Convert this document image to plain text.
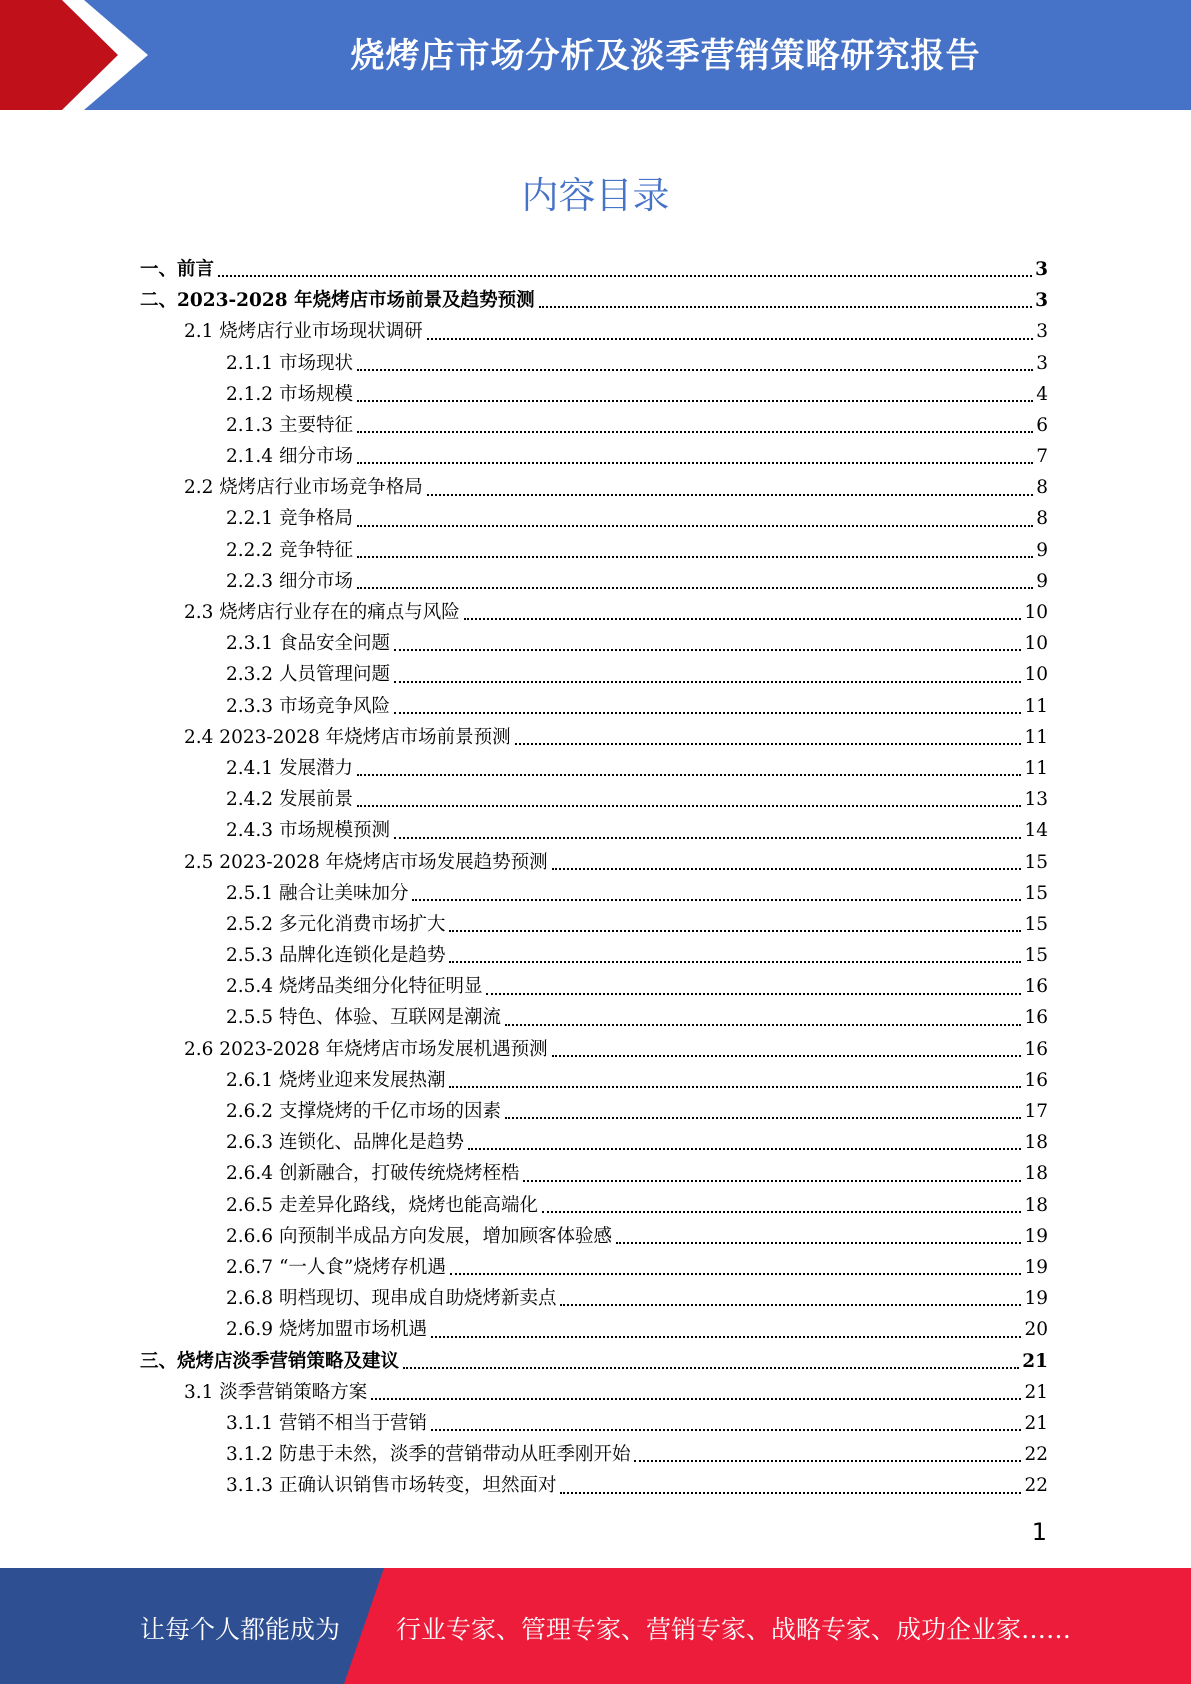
烧烤店市场分析及淡季营销策略研究报告
内容目录
一、前言	3
二、2023-2028 年烧烤店市场前景及趋势预测	3
2.1 烧烤店行业市场现状调研	3
2.1.1 市场现状	3
2.1.2 市场规模	4
2.1.3 主要特征	6
2.1.4 细分市场	7
2.2 烧烤店行业市场竞争格局	8
2.2.1 竞争格局	8
2.2.2 竞争特征	9
2.2.3 细分市场	9
2.3 烧烤店行业存在的痛点与风险	10
2.3.1 食品安全问题	10
2.3.2 人员管理问题	10
2.3.3 市场竞争风险	11
2.4 2023-2028 年烧烤店市场前景预测	11
2.4.1 发展潜力	11
2.4.2 发展前景	13
2.4.3 市场规模预测	14
2.5 2023-2028 年烧烤店市场发展趋势预测	15
2.5.1 融合让美味加分	15
2.5.2 多元化消费市场扩大	15
2.5.3 品牌化连锁化是趋势	15
2.5.4 烧烤品类细分化特征明显	16
2.5.5 特色、体验、互联网是潮流	16
2.6 2023-2028 年烧烤店市场发展机遇预测	16
2.6.1 烧烤业迎来发展热潮	16
2.6.2 支撑烧烤的千亿市场的因素	17
2.6.3 连锁化、品牌化是趋势	18
2.6.4 创新融合，打破传统烧烤桎梏	18
2.6.5 走差异化路线，烧烤也能高端化	18
2.6.6 向预制半成品方向发展，增加顾客体验感	19
2.6.7 “一人食”烧烤存机遇	19
2.6.8 明档现切、现串成自助烧烤新卖点	19
2.6.9 烧烤加盟市场机遇	20
三、烧烤店淡季营销策略及建议	21
3.1 淡季营销策略方案	21
3.1.1 营销不相当于营销	21
3.1.2 防患于未然，淡季的营销带动从旺季刚开始	22
3.1.3 正确认识销售市场转变，坦然面对	22
1
让每个人都能成为 行业专家、管理专家、营销专家、战略专家、成功企业家……
